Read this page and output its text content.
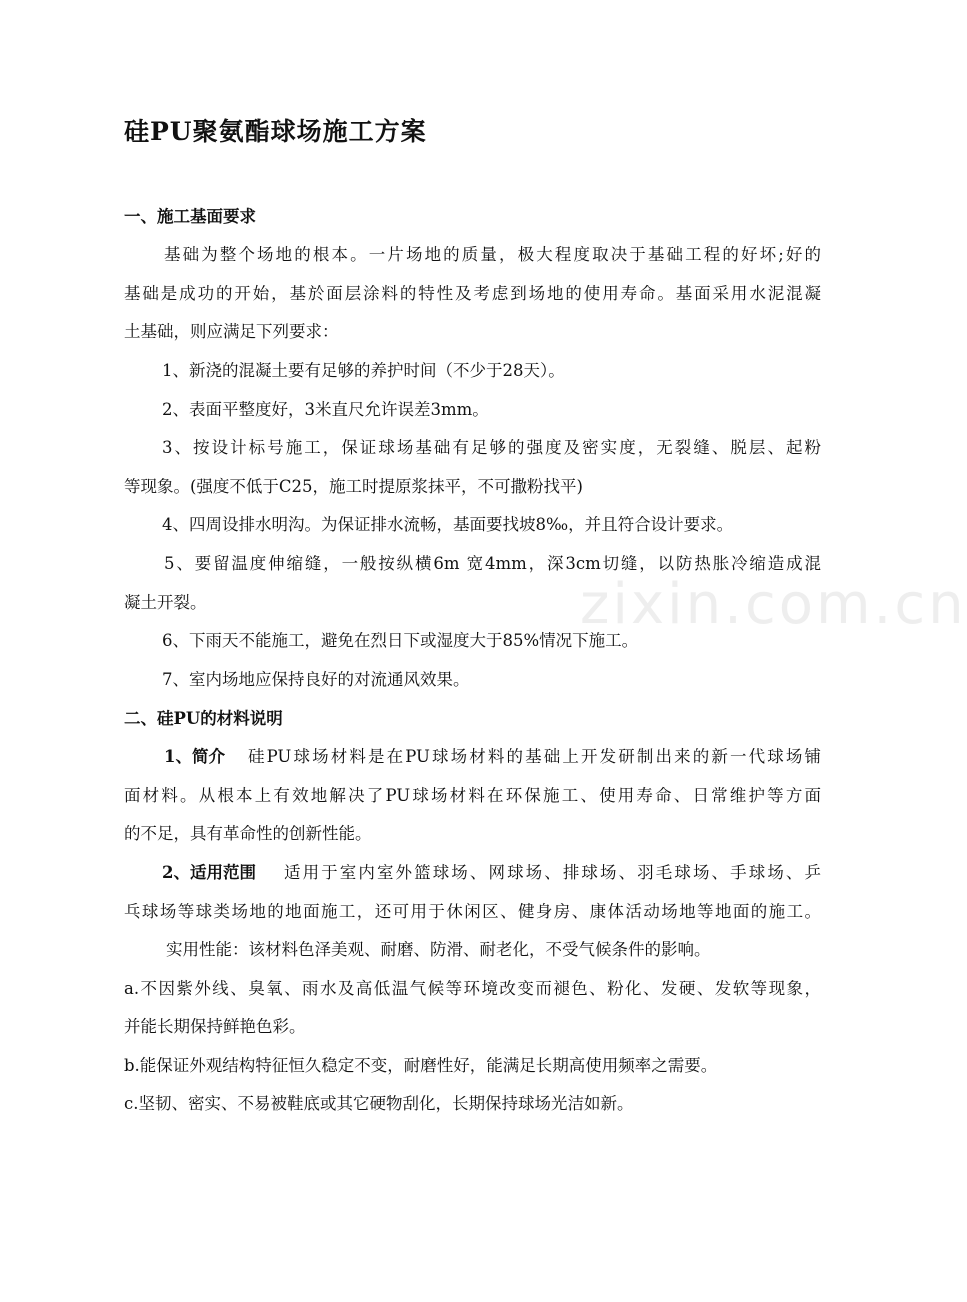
zixin.com.cn
硅PU聚氨酯球场施工方案

一、施工基面要求

基础为整个场地的根本。一片场地的质量，极大程度取决于基础工程的好坏;好的

基础是成功的开始，基於面层涂料的特性及考虑到场地的使用寿命。基面采用水泥混凝

土基础，则应满足下列要求：

1、新浇的混凝土要有足够的养护时间（不少于28天）。

2、表面平整度好，3米直尺允许误差3mm。

3、按设计标号施工，保证球场基础有足够的强度及密实度，无裂缝、脱层、起粉

等现象。(强度不低于C25，施工时提原浆抹平，不可撒粉找平)

4、四周设排水明沟。为保证排水流畅，基面要找坡8‰，并且符合设计要求。

5、要留温度伸缩缝，一般按纵横6m 宽4mm，深3cm切缝，以防热胀冷缩造成混

凝土开裂。

6、下雨天不能施工，避免在烈日下或湿度大于85%情况下施工。

7、室内场地应保持良好的对流通风效果。

二、硅PU的材料说明

1、简介 硅PU球场材料是在PU球场材料的基础上开发研制出来的新一代球场铺

面材料。从根本上有效地解决了PU球场材料在环保施工、使用寿命、日常维护等方面

的不足，具有革命性的创新性能。

2、适用范围 适用于室内室外篮球场、网球场、排球场、羽毛球场、手球场、乒

乓球场等球类场地的地面施工，还可用于休闲区、健身房、康体活动场地等地面的施工。

实用性能：该材料色泽美观、耐磨、防滑、耐老化，不受气候条件的影响。

a.不因紫外线、臭氧、雨水及高低温气候等环境改变而褪色、粉化、发硬、发软等现象，

并能长期保持鲜艳色彩。

b.能保证外观结构特征恒久稳定不变，耐磨性好，能满足长期高使用频率之需要。

c.坚韧、密实、不易被鞋底或其它硬物刮化，长期保持球场光洁如新。
